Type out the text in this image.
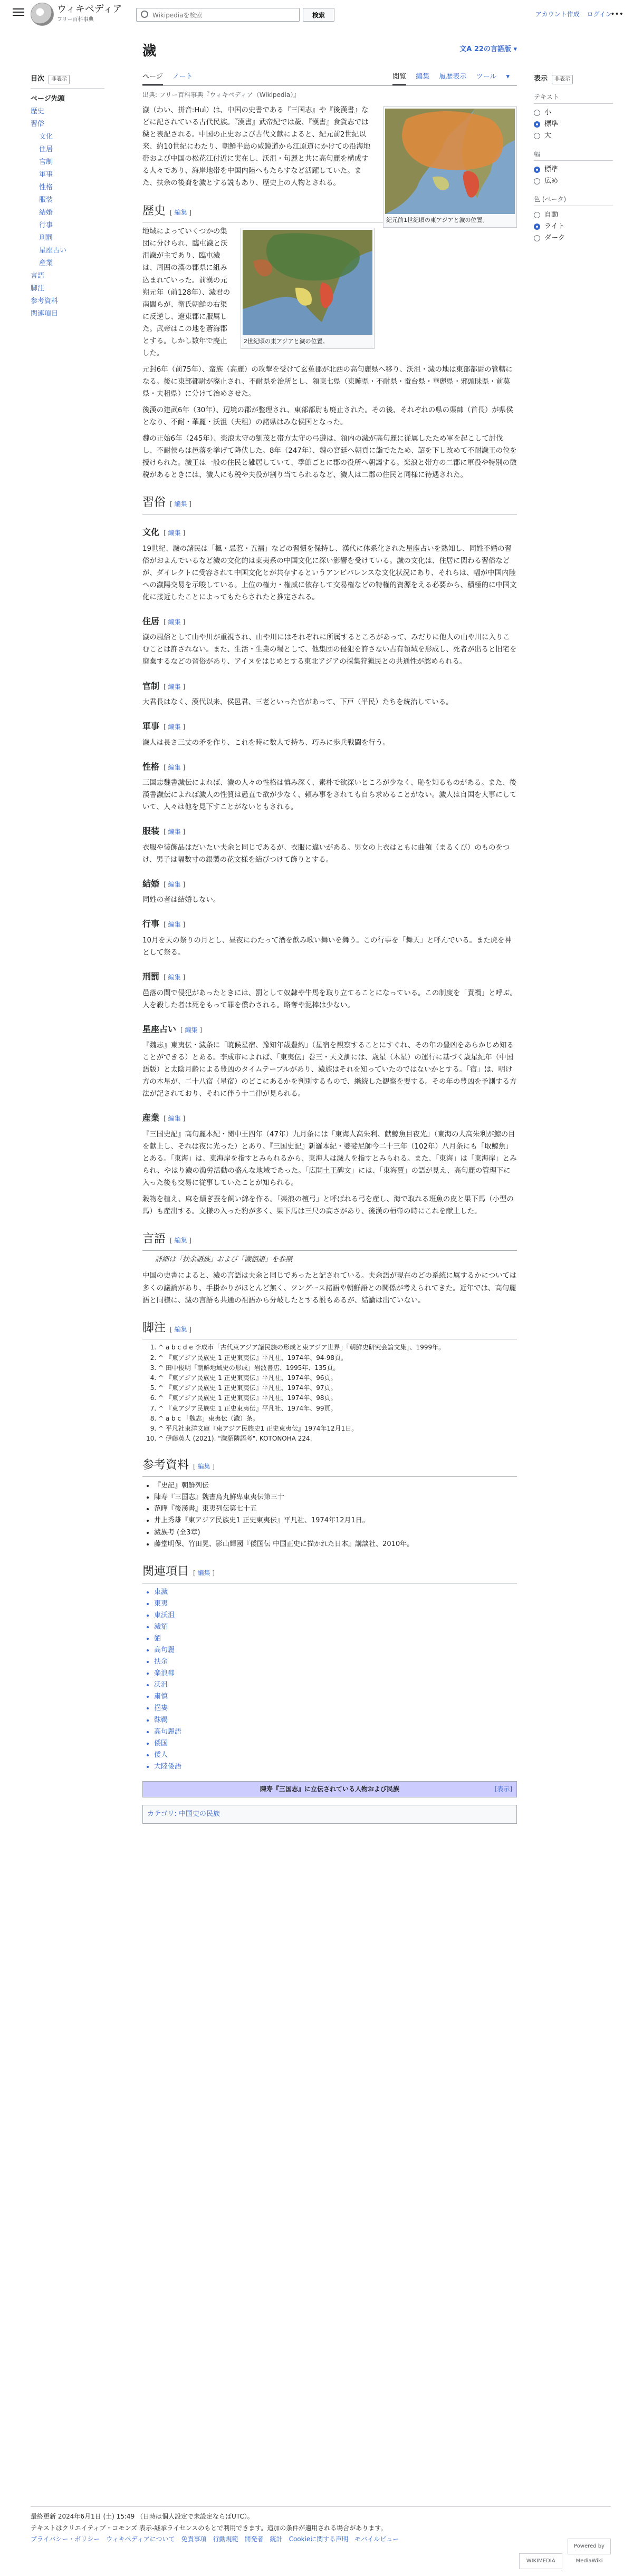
ウィキペディア
フリー百科事典
Wikipediaを検索
検索	アカウント作成 ログイン
•••
目次 非表示
ページ先頭
歴史
習俗
文化
住居
官制
軍事
性格
服装
結婚
行事
刑罰
星座占い
産業
言語
脚注
参考資料
関連項目
表示 非表示
テキスト
小
標準
大
幅
標準
広め
色 (ベータ)
自動
ライト
ダーク
濊	文A 22の言語版 ▾
ページ ノート	閲覧 編集 履歴表示 ツール ▾
出典: フリー百科事典『ウィキペディア（Wikipedia）』
紀元前1世紀頃の東アジアと濊の位置。

濊（わい、拼音:Huì）は、中国の史書である『三国志』や『後漢書』などに記されている古代民族。『漢書』武帝紀では薉、『漢書』食貨志では穢と表記される。中国の正史および古代文献によると、紀元前2世紀以来、約10世紀にわたり、朝鮮半島の咸鏡道から江原道にかけての沿海地帯および中国の松花江付近に実在し、沃沮・句麗と共に高句麗を構成する人々であり、海岸地帯を中国内陸へもたらすなど活躍していた。また、扶余の後裔を濊とする説もあり、歴史上の人物とされる。

歴史 [ 編集 ]
2世紀頃の東アジアと濊の位置。

地域によっていくつかの集団に分けられ、臨屯濊と沃沮濊が主であり、臨屯濊は、周囲の漢の郡県に組み込まれていった。前漢の元朔元年（前128年）、濊君の南閭らが、衛氏朝鮮の右渠に反逆し、遼東郡に服属した。武帝はこの地を蒼海郡とする。しかし数年で廃止した。

元封6年（前75年）、蛮族（高麗）の攻撃を受けて玄菟郡が北西の高句麗県へ移り、沃沮・濊の地は東部都尉の管轄になる。後に東部都尉が廃止され、不耐県を治所とし、領東七県（東暆県・不耐県・蚕台県・華麗県・邪頭昧県・前莫県・夫租県）に分けて治めさせた。

後漢の建武6年（30年）、辺境の郡が整理され、東部都尉も廃止された。その後、それぞれの県の渠帥（首長）が県侯となり、不耐・華麗・沃沮（夫租）の諸県はみな侯国となった。

魏の正始6年（245年）、楽浪太守の劉茂と帯方太守の弓遵は、領内の濊が高句麗に従属したため軍を起こして討伐し、不耐侯らは邑落を挙げて降伏した。8年（247年）、魏の宮廷へ朝貢に詣でたため、詔を下し改めて不耐濊王の位を授けられた。濊王は一般の住民と雑居していて、季節ごとに郡の役所へ朝謁する。楽浪と帯方の二郡に軍役や特別の徴税があるときには、濊人にも税や夫役が割り当てられるなど、濊人は二郡の住民と同様に待遇された。

習俗 [ 編集 ]
文化 [ 編集 ]

19世紀、濊の諸民は「楓・忌惹・五福」などの習慣を保持し、漢代に体系化された星座占いを熟知し、同姓不婚の習俗がおよんでいるなど濊の文化的は東夷系の中国文化に深い影響を受けている。濊の文化は、住居に関わる習俗などが、ダイレクトに受容されて中国文化とが共存するというアンビバレンスな文化状況にあり、それらは、幅が中国内陸への濊陽交易を示唆している。上位の権力・権威に依存して交易権などの特権的資源をえる必要から、積極的に中国文化に接近したことによってもたらされたと推定される。

住居 [ 編集 ]

濊の風俗として山や川が重視され、山や川にはそれぞれに所属するところがあって、みだりに他人の山や川に入りこむことは許されない。また、生活・生業の場として、他集団の侵犯を許さない占有領域を形成し、死者が出ると旧宅を廃棄するなどの習俗があり、アイヌをはじめとする東北アジアの採集狩猟民との共通性が認められる。

官制 [ 編集 ]

大君長はなく、漢代以来、侯邑君、三老といった官があって、下戸（平民）たちを統治している。

軍事 [ 編集 ]

濊人は長さ三丈の矛を作り、これを時に数人で持ち、巧みに歩兵戦闘を行う。

性格 [ 編集 ]

三国志魏書濊伝によれば、濊の人々の性格は慎み深く、素朴で欲深いところが少なく、恥を知るものがある。また、後漢書濊伝によれば濊人の性質は愚直で欲が少なく、頼み事をされても自ら求めることがない。濊人は自国を大事にしていて、人々は他を見下すことがないともされる。

服装 [ 編集 ]

衣服や装飾品はだいたい夫余と同じであるが、衣服に違いがある。男女の上衣はともに曲領（まるくび）のものをつけ、男子は幅数寸の銀製の花文様を結びつけて飾りとする。

結婚 [ 編集 ]

同姓の者は結婚しない。

行事 [ 編集 ]

10月を天の祭りの月とし、昼夜にわたって酒を飲み歌い舞いを舞う。この行事を「舞天」と呼んでいる。また虎を神として祭る。

刑罰 [ 編集 ]

邑落の間で侵犯があったときには、罰として奴隷や牛馬を取り立てることになっている。この制度を「責禍」と呼ぶ。人を殺した者は死をもって罪を償わされる。略奪や泥棒は少ない。

星座占い [ 編集 ]

『魏志』東夷伝・濊条に「暁候星宿、豫知年歳豊約」（星宿を観察することにすぐれ、その年の豊凶をあらかじめ知ることができる）とある。李成市によれば、「東夷伝」巻三・天文訓には、歳星（木星）の運行に基づく歳星紀年（中国語版）と太陰月齢による豊凶のタイムテーブルがあり、濊族はそれを知っていたのではないかとする。「宿」は、明け方の木星が、二十八宿（星宿）のどこにあるかを判別するもので、継続した観察を要する。その年の豊凶を予測する方法が記されており、それに伴う十二律が見られる。

産業 [ 編集 ]

『三国史記』高句麗本紀・閔中王四年（47年）九月条には「東海人高朱利、献鯨魚目夜光」（東海の人高朱利が鯨の目を献上し、それは夜に光った）とあり、『三国史記』新羅本紀・婆娑尼師今二十三年（102年）八月条にも「取鯨魚」とある。「東海」は、東海岸を指すとみられるから、東海人は濊人を指すとみられる。また、「東海」は「東海岸」とみられ、やはり濊の漁労活動の盛んな地域であった。「広開土王碑文」には、「東海賈」の語が見え、高句麗の管理下に入った後も交易に従事していたことが知られる。

穀物を植え、麻を績ぎ蚕を飼い綿を作る。「楽浪の檀弓」と呼ばれる弓を産し、海で取れる班魚の皮と果下馬（小型の馬）も産出する。文様の入った豹が多く、果下馬は三尺の高さがあり、後漢の桓帝の時にこれを献上した。

言語 [ 編集 ]
詳細は「扶余語族」および「濊貊語」を参照

中国の史書によると、濊の言語は夫余と同じであったと記されている。夫余語が現在のどの系統に属するかについては多くの議論があり、手掛かりがほとんど無く、ツングース諸語や朝鮮語との関係が考えられてきた。近年では、高句麗語と同様に、濊の言語も共通の祖語から分岐したとする説もあるが、結論は出ていない。

脚注 [ 編集 ]
1. ^ a b c d e 李成市「古代東アジア諸民族の形成と東アジア世界」『朝鮮史研究会論文集』、1999年。
2. ^ 『東アジア民族史 1 正史東夷伝』平凡社、1974年、94-98頁。
3. ^ 田中俊明「朝鮮地域史の形成」岩波書店、1995年、135頁。
4. ^ 『東アジア民族史 1 正史東夷伝』平凡社、1974年、96頁。
5. ^ 『東アジア民族史 1 正史東夷伝』平凡社、1974年、97頁。
6. ^ 『東アジア民族史 1 正史東夷伝』平凡社、1974年、98頁。
7. ^ 『東アジア民族史 1 正史東夷伝』平凡社、1974年、99頁。
8. ^ a b c 「魏志」東夷伝（濊）条。
9. ^ 平凡社東洋文庫『東アジア民族史1 正史東夷伝』1974年12月1日。
10. ^ 伊藤英人 (2021). "濊貊隣語考". KOTONOHA 224.
参考資料 [ 編集 ]
• 『史記』朝鮮列伝
• 陳寿『三国志』魏書烏丸鮮卑東夷伝第三十
• 范曄『後漢書』東夷列伝第七十五
• 井上秀雄『東アジア民族史1 正史東夷伝』平凡社、1974年12月1日。
• 濊族考 (全3章)
• 藤堂明保、竹田晃、影山輝國『倭国伝 中国正史に描かれた日本』講談社、2010年。
関連項目 [ 編集 ]
• 東濊
• 東夷
• 東沃沮
• 濊貊
• 貊
• 高句麗
• 扶余
• 楽浪郡
• 沃沮
• 粛慎
• 挹婁
• 靺鞨
• 高句麗語
• 倭国
• 倭人
• 大陸倭語
陳寿『三国志』に立伝されている人物および民族	[表示]
カテゴリ: 中国史の民族
最終更新 2024年6月1日 (土) 15:49 （日時は個人設定で未設定ならばUTC）。
テキストはクリエイティブ・コモンズ 表示-継承ライセンスのもとで利用できます。追加の条件が適用される場合があります。
プライバシー・ポリシー ウィキペディアについて 免責事項 行動規範 開発者 統計 Cookieに関する声明 モバイルビュー
WIKIMEDIA Powered by MediaWiki
